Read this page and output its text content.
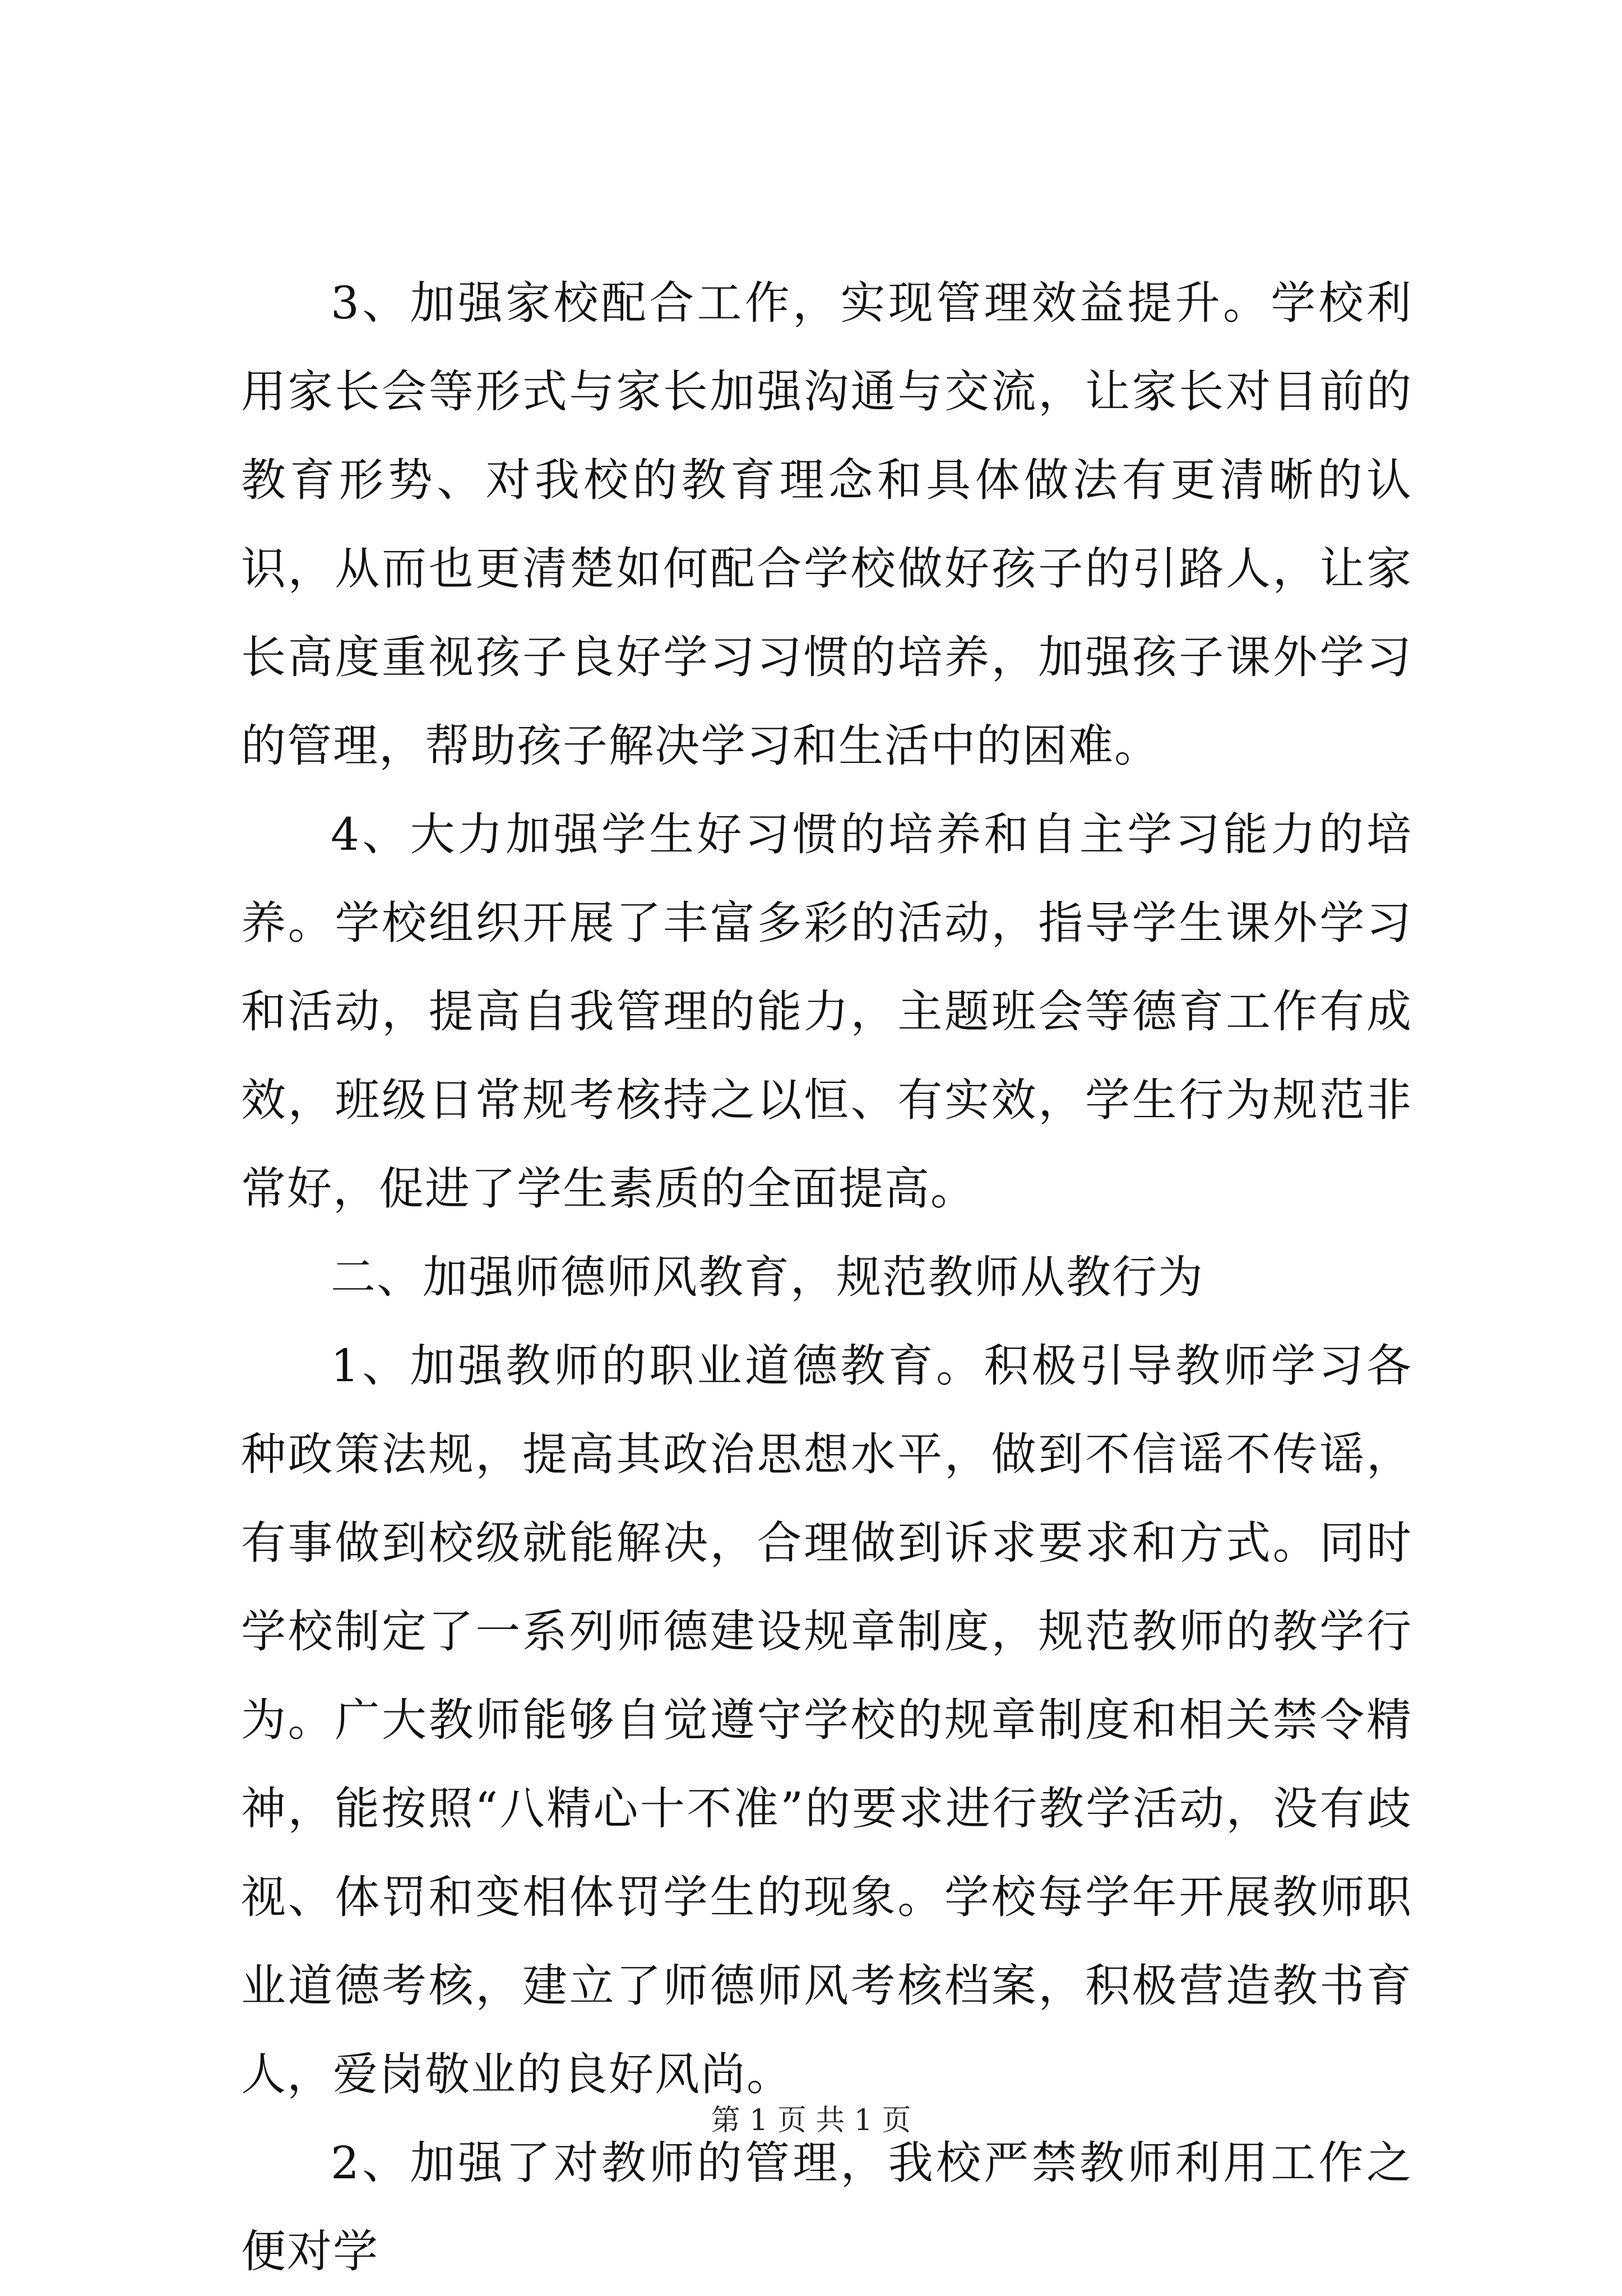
3、加强家校配合工作，实现管理效益提升。学校利用家长会等形式与家长加强沟通与交流，让家长对目前的教育形势、对我校的教育理念和具体做法有更清晰的认识，从而也更清楚如何配合学校做好孩子的引路人，让家长高度重视孩子良好学习习惯的培养，加强孩子课外学习的管理，帮助孩子解决学习和生活中的困难。

4、大力加强学生好习惯的培养和自主学习能力的培养。学校组织开展了丰富多彩的活动，指导学生课外学习和活动，提高自我管理的能力，主题班会等德育工作有成效，班级日常规考核持之以恒、有实效，学生行为规范非常好，促进了学生素质的全面提高。

二、加强师德师风教育，规范教师从教行为

1、加强教师的职业道德教育。积极引导教师学习各种政策法规，提高其政治思想水平，做到不信谣不传谣，有事做到校级就能解决，合理做到诉求要求和方式。同时学校制定了一系列师德建设规章制度，规范教师的教学行为。广大教师能够自觉遵守学校的规章制度和相关禁令精神，能按照“八精心十不准”的要求进行教学活动，没有歧视、体罚和变相体罚学生的现象。学校每学年开展教师职业道德考核，建立了师德师风考核档案，积极营造教书育人，爱岗敬业的良好风尚。

2、加强了对教师的管理，我校严禁教师利用工作之便对学

第 1 页 共 1 页
